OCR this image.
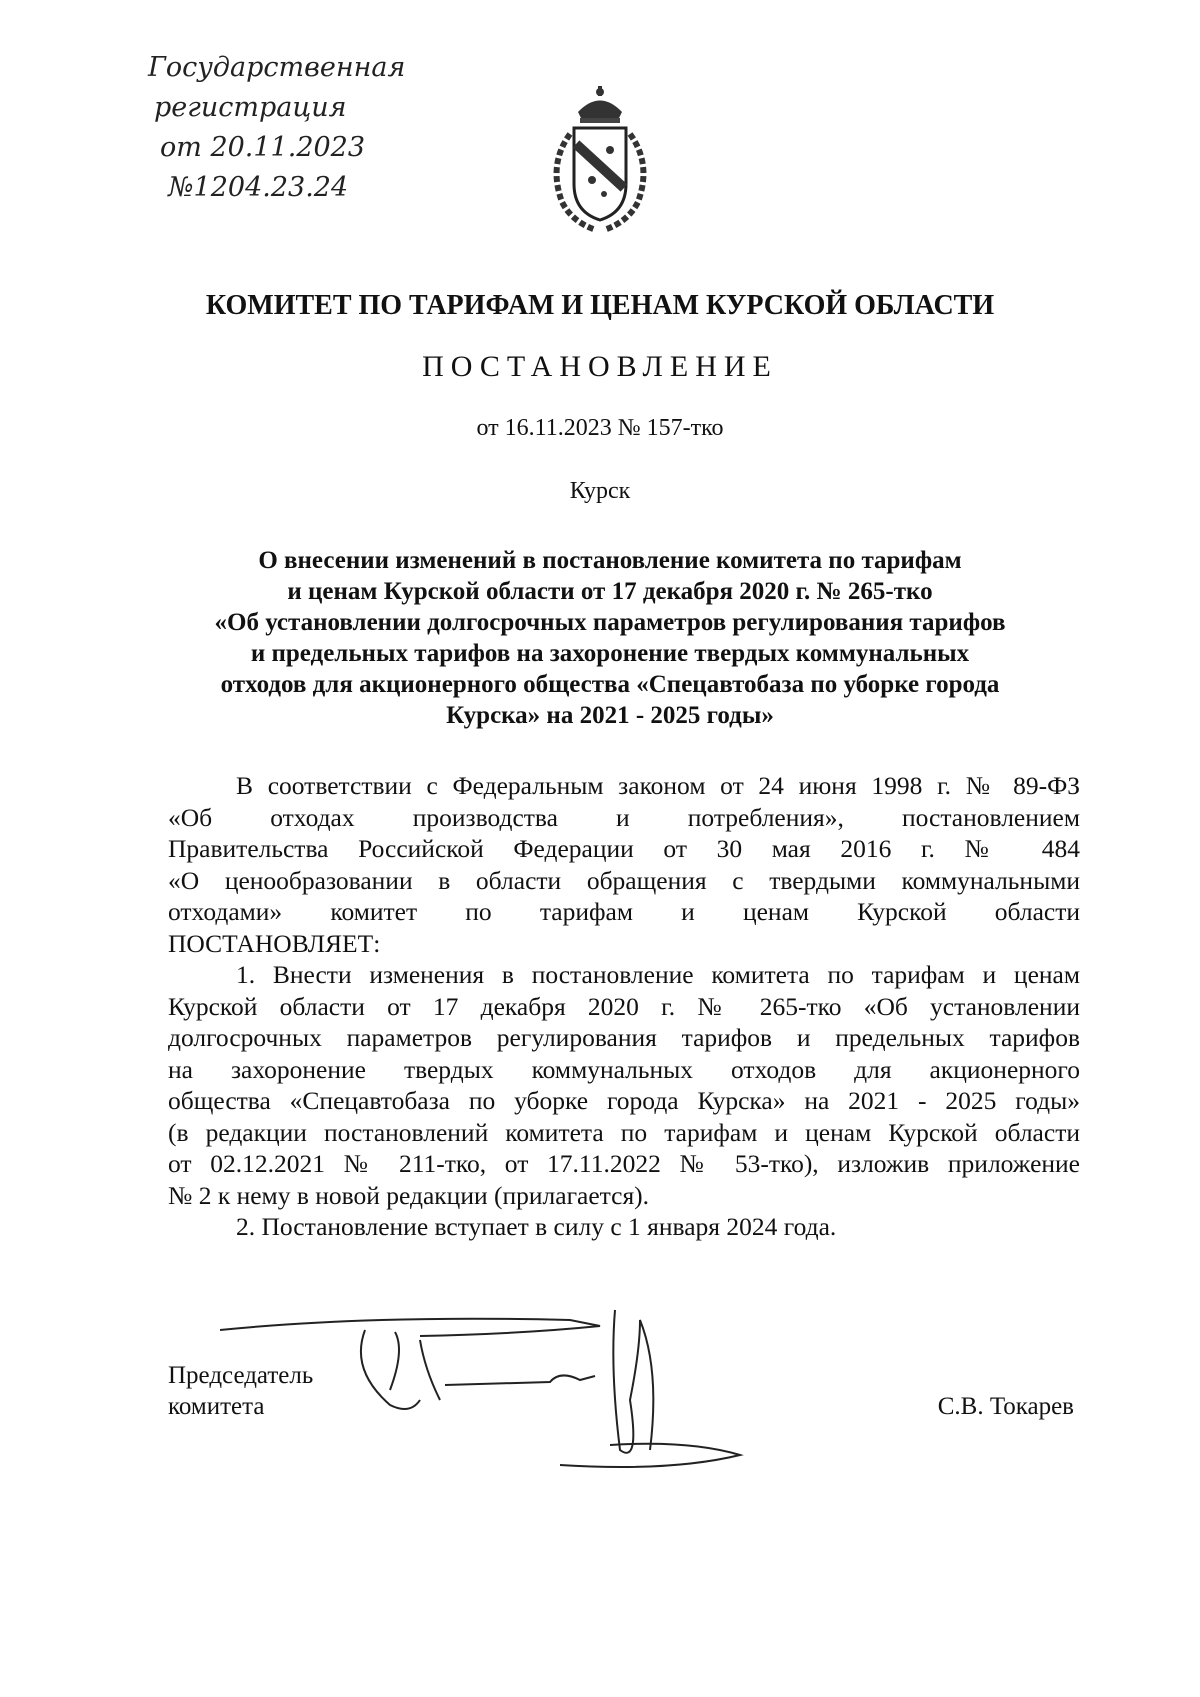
Государственная
регистрация
от 20.11.2023
№1204.23.24
КОМИТЕТ ПО ТАРИФАМ И ЦЕНАМ КУРСКОЙ ОБЛАСТИ
ПОСТАНОВЛЕНИЕ
от 16.11.2023 № 157-тко
Курск
О внесении изменений в постановление комитета по тарифам
и ценам Курской области от 17 декабря 2020 г. № 265-тко
«Об установлении долгосрочных параметров регулирования тарифов
и предельных тарифов на захоронение твердых коммунальных
отходов для акционерного общества «Спецавтобаза по уборке города
Курска» на 2021 - 2025 годы»
В соответствии с Федеральным законом от 24 июня 1998 г. № 89-ФЗ
«Об отходах производства и потребления», постановлением
Правительства Российской Федерации от 30 мая 2016 г. № 484
«О ценообразовании в области обращения с твердыми коммунальными
отходами» комитет по тарифам и ценам Курской области
ПОСТАНОВЛЯЕТ:
1. Внести изменения в постановление комитета по тарифам и ценам
Курской области от 17 декабря 2020 г. № 265-тко «Об установлении
долгосрочных параметров регулирования тарифов и предельных тарифов
на захоронение твердых коммунальных отходов для акционерного
общества «Спецавтобаза по уборке города Курска» на 2021 - 2025 годы»
(в редакции постановлений комитета по тарифам и ценам Курской области
от 02.12.2021 № 211-тко, от 17.11.2022 № 53-тко), изложив приложение
№ 2 к нему в новой редакции (прилагается).
2. Постановление вступает в силу с 1 января 2024 года.
Председатель
комитета	С.В. Токарев
